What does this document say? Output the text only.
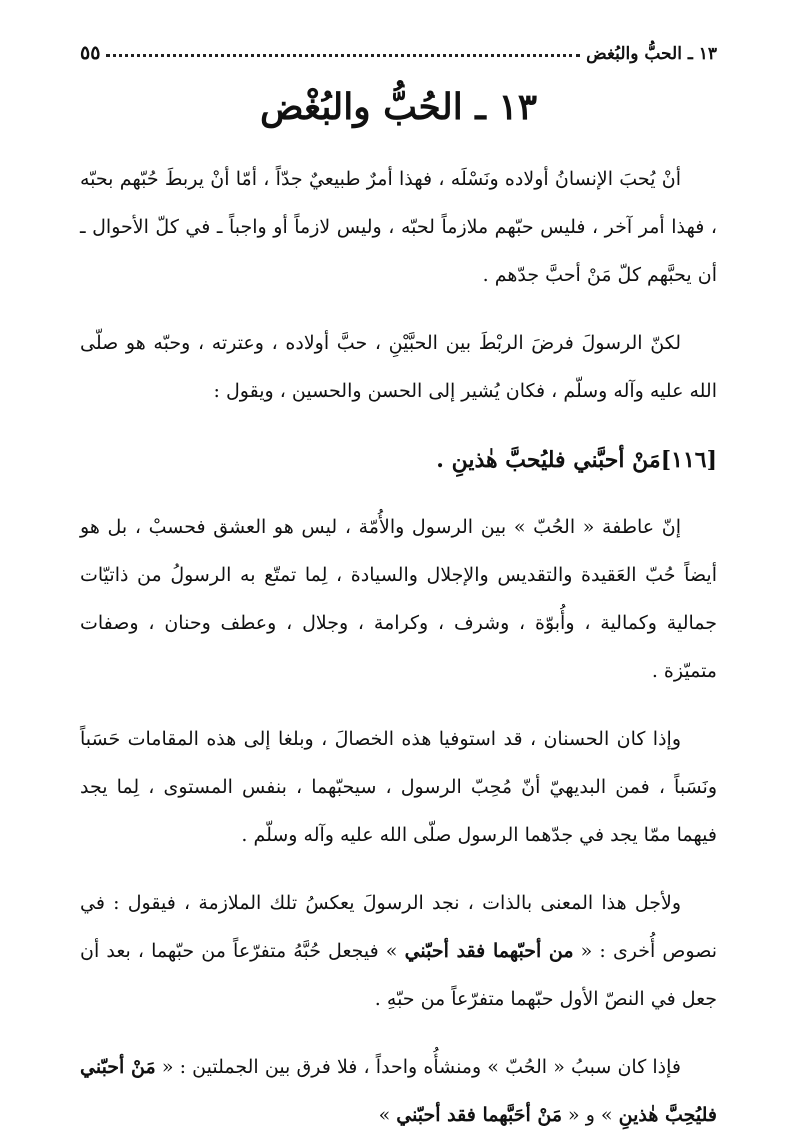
١٣ ـ الحبُّ والبُغض
٥٥
١٣ ـ الحُبُّ والبُغْض

أنْ يُحبَ الإنسانُ أولاده ونَسْلَه ، فهذا أمرٌ طبيعيٌ جدّاً ، أمّا أنْ يربطَ حُبّهم بحبّه ، فهذا أمر آخر ، فليس حبّهم ملازماً لحبّه ، وليس لازماً أو واجباً ـ في كلّ الأحوال ـ أن يحبَّهم كلّ مَنْ أحبَّ جدّهم .

لكنّ الرسولَ فرضَ الربْطَ بين الحبَّيْنِ ، حبَّ أولاده ، وعترته ، وحبّه هو صلّى الله عليه وآله وسلّم ، فكان يُشير إلى الحسن والحسين ، ويقول :

[١١٦]مَنْ أحبَّني فليُحبَّ هٰذينِ .

إنّ عاطفة « الحُبّ » بين الرسول والأُمّة ، ليس هو العشق فحسبْ ، بل هو أيضاً حُبّ العَقيدة والتقديس والإجلال والسيادة ، لِما تمتّع به الرسولُ من ذاتيّات جمالية وكمالية ، وأُبوّة ، وشرف ، وكرامة ، وجلال ، وعطف وحنان ، وصفات متميّزة .

وإذا كان الحسنان ، قد استوفيا هذه الخصالَ ، وبلغا إلى هذه المقامات حَسَباً ونَسَباً ، فمن البديهيّ أنّ مُحِبّ الرسول ، سيحبّهما ، بنفس المستوى ، لِما يجد فيهما ممّا يجد في جدّهما الرسول صلّى الله عليه وآله وسلّم .

ولأجل هذا المعنى بالذات ، نجد الرسولَ يعكسُ تلك الملازمة ، فيقول : في نصوص أُخرى : « من أحبّهما فقد أحبّني » فيجعل حُبَّهُ متفرّعاً من حبّهما ، بعد أن جعل في النصّ الأول حبّهما متفرّعاً من حبّهِ .

فإذا كان سببُ « الحُبّ » ومنشأُه واحداً ، فلا فرق بين الجملتين : « مَنْ أحبّني فليُحِبَّ هٰذينِ » و « مَنْ أحَبَّهما فقد أحبّني »
